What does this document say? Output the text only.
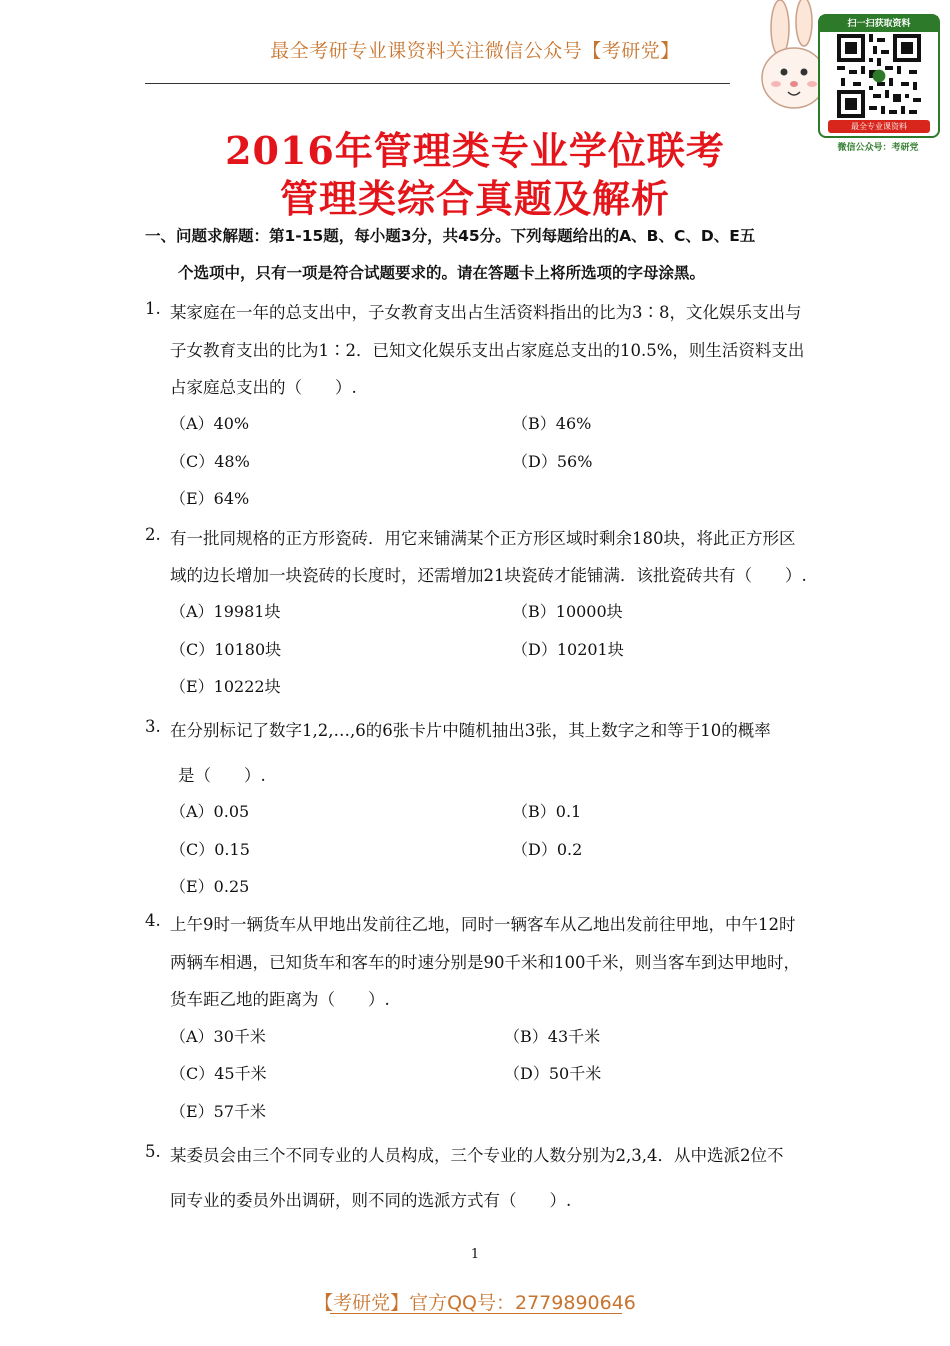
最全考研专业课资料关注微信公众号【考研党】
扫一扫获取资料
最全专业课资料
微信公众号：考研党
2016年管理类专业学位联考
管理类综合真题及解析
一、问题求解题：第1-15题，每小题3分，共45分。下列每题给出的A、B、C、D、E五
个选项中，只有一项是符合试题要求的。请在答题卡上将所选项的字母涂黑。
1. 某家庭在一年的总支出中，子女教育支出占生活资料指出的比为3∶8，文化娱乐支出与
子女教育支出的比为1∶2．已知文化娱乐支出占家庭总支出的10.5%，则生活资料支出
占家庭总支出的（　　）.
（A）40%	（B）46%
（C）48%	（D）56%
（E）64%
2. 有一批同规格的正方形瓷砖．用它来铺满某个正方形区域时剩余180块，将此正方形区
域的边长增加一块瓷砖的长度时，还需增加21块瓷砖才能铺满．该批瓷砖共有（　　）.
（A）19981块	（B）10000块
（C）10180块	（D）10201块
（E）10222块
3. 在分别标记了数字1,2,…,6的6张卡片中随机抽出3张，其上数字之和等于10的概率
是（　　）.
（A）0.05	（B）0.1
（C）0.15	（D）0.2
（E）0.25
4. 上午9时一辆货车从甲地出发前往乙地，同时一辆客车从乙地出发前往甲地，中午12时
两辆车相遇，已知货车和客车的时速分别是90千米和100千米，则当客车到达甲地时，
货车距乙地的距离为（　　）.
（A）30千米	（B）43千米
（C）45千米	（D）50千米
（E）57千米
5. 某委员会由三个不同专业的人员构成，三个专业的人数分别为2,3,4．从中选派2位不
同专业的委员外出调研，则不同的选派方式有（　　）.
1
【考研党】官方QQ号：2779890646
